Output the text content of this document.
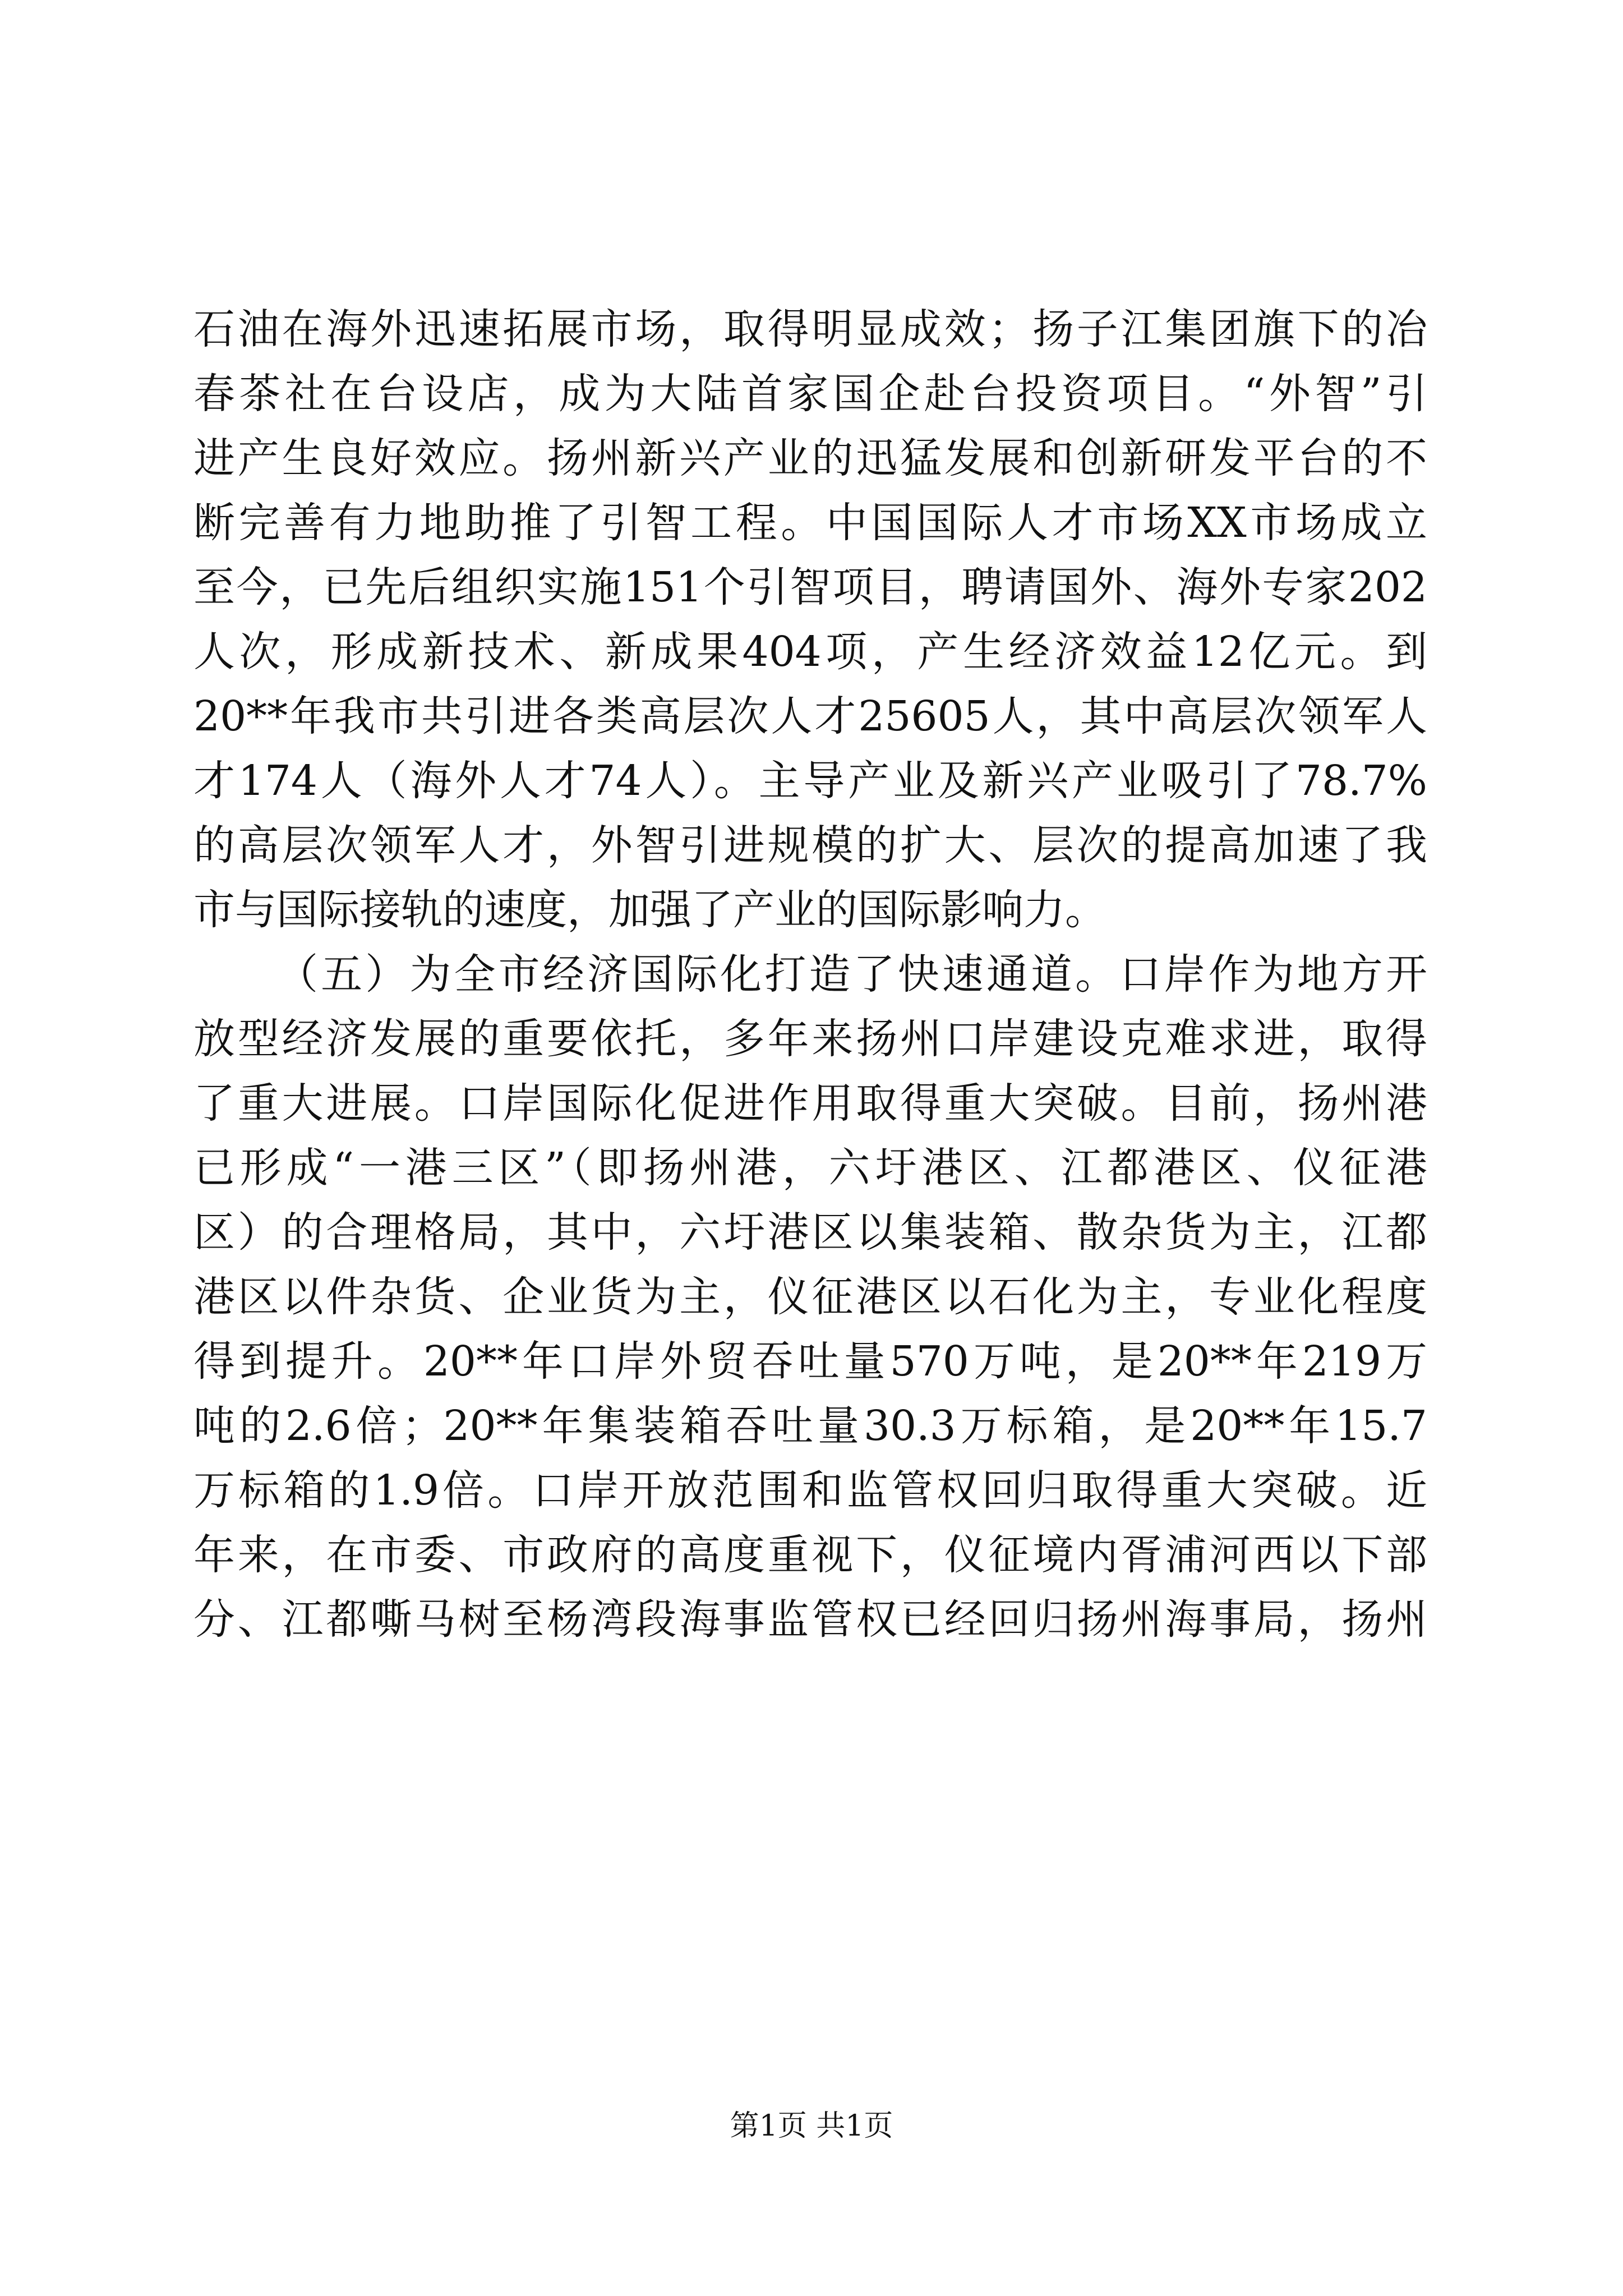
石油在海外迅速拓展市场，取得明显成效；扬子江集团旗下的冶
春茶社在台设店，成为大陆首家国企赴台投资项目。“外智”引
进产生良好效应。扬州新兴产业的迅猛发展和创新研发平台的不
断完善有力地助推了引智工程。中国国际人才市场XX市场成立
至今，已先后组织实施151个引智项目，聘请国外、海外专家202
人次，形成新技术、新成果404项，产生经济效益12亿元。到
20**年我市共引进各类高层次人才25605人，其中高层次领军人
才174人（海外人才74人）。主导产业及新兴产业吸引了78.7%
的高层次领军人才，外智引进规模的扩大、层次的提高加速了我
市与国际接轨的速度，加强了产业的国际影响力。
（五）为全市经济国际化打造了快速通道。口岸作为地方开
放型经济发展的重要依托，多年来扬州口岸建设克难求进，取得
了重大进展。口岸国际化促进作用取得重大突破。目前，扬州港
已形成“一港三区”（即扬州港，六圩港区、江都港区、仪征港
区）的合理格局，其中，六圩港区以集装箱、散杂货为主，江都
港区以件杂货、企业货为主，仪征港区以石化为主，专业化程度
得到提升。20**年口岸外贸吞吐量570万吨，是20**年219万
吨的2.6倍；20**年集装箱吞吐量30.3万标箱，是20**年15.7
万标箱的1.9倍。口岸开放范围和监管权回归取得重大突破。近
年来，在市委、市政府的高度重视下，仪征境内胥浦河西以下部
分、江都嘶马树至杨湾段海事监管权已经回归扬州海事局，扬州
第1页 共1页
